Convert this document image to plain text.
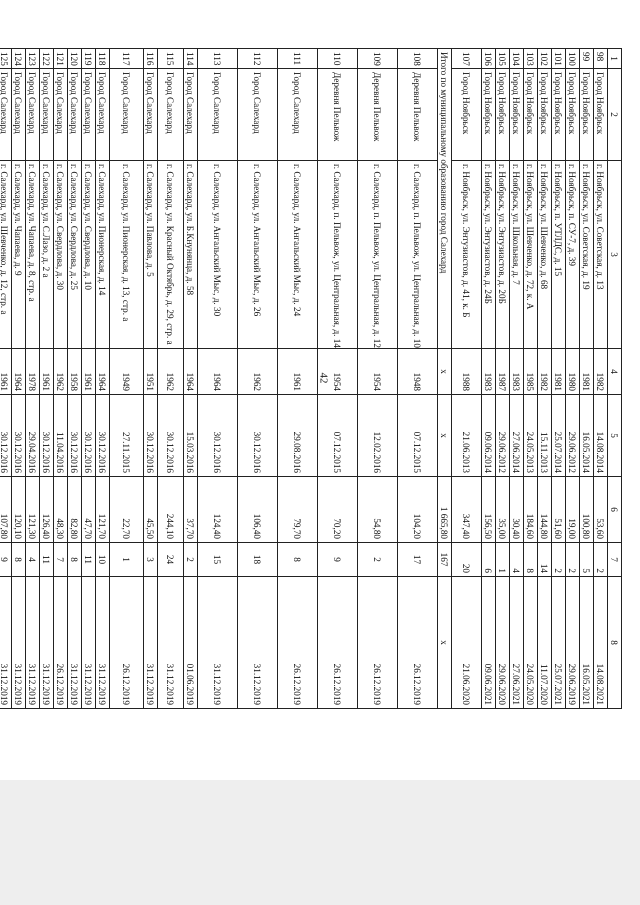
42
1	2	3	4	5	6	7	8
98	Город Ноябрьск	г. Ноябрьск, ул. Советская, д. 13	1982	14.08.2014	53,60	2	14.08.2021
99	Город Ноябрьск	г. Ноябрьск, ул. Советская, д. 19	1981	16.05.2014	100,80	5	16.05.2021
100	Город Ноябрьск	г. Ноябрьск, п. СУ-7, д. 39	1980	29.06.2012	19,00	2	29.06.2019
101	Город Ноябрьск	г. Ноябрьск, п. УТЛДС, д. 15	1981	25.07.2014	51,60	2	25.07.2021
102	Город Ноябрьск	г. Ноябрьск, ул. Шевченко, д. 68	1982	15.11.2013	144,80	14	11.07.2020
103	Город Ноябрьск	г. Ноябрьск, ул. Шевченко, д. 72, к. А	1985	24.05.2013	184,60	8	24.05.2020
104	Город Ноябрьск	г. Ноябрьск, ул. Школьная, д. 7	1983	27.06.2014	30,40	4	27.06.2021
105	Город Ноябрьск	г. Ноябрьск, ул. Энтузиастов, д. 20Б	1987	29.06.2012	35,00	1	29.06.2020
106	Город Ноябрьск	г. Ноябрьск, ул. Энтузиастов, д. 24Б	1983	09.06.2014	156,50	6	09.06.2021
107	Город Ноябрьск	г. Ноябрьск, ул. Энтузиастов, д. 41, к. Б	1988	21.06.2013	347,40	20	21.06.2020
Итого по муниципальному образованию город Салехард			x	x	1 665,80	167	x
108	Деревня Пельвож	г. Салехард, п. Пельвож, ул. Центральная, д. 10	1948	07.12.2015	104,20	17	26.12.2019
109	Деревня Пельвож	г. Салехард, п. Пельвож, ул. Центральная, д. 12	1954	12.02.2016	54,80	2	26.12.2019
110	Деревня Пельвож	г. Салехард, п. Пельвож, ул. Центральная, д. 14	1954	07.12.2015	70,20	9	26.12.2019
111	Город Салехард	г. Салехард, ул. Ангальский Мыс, д. 24	1961	29.08.2016	79,70	8	26.12.2019
112	Город Салехард	г. Салехард, ул. Ангальский Мыс, д. 26	1962	30.12.2016	106,40	18	31.12.2019
113	Город Салехард	г. Салехард, ул. Ангальский Мыс, д. 30	1964	30.12.2016	124,40	15	31.12.2019
114	Город Салехард	г. Салехард, ул. Б.Кнунянца, д. 58	1964	15.03.2016	37,70	2	01.06.2019
115	Город Салехард	г. Салехард, ул. Красный Октябрь, д. 29, стр. а	1962	30.12.2016	244,10	24	31.12.2019
116	Город Салехард	г. Салехард, ул. Павлова, д. 5	1951	30.12.2016	45,50	3	31.12.2019
117	Город Салехард	г. Салехард, ул. Пионерская, д. 13, стр. а	1949	27.11.2015	22,70	1	26.12.2019
118	Город Салехард	г. Салехард, ул. Пионерская, д. 14	1964	30.12.2016	121,70	10	31.12.2019
119	Город Салехард	г. Салехард, ул. Свердлова, д. 10	1961	30.12.2016	47,70	11	31.12.2019
120	Город Салехард	г. Салехард, ул. Свердлова, д. 25	1958	30.12.2016	82,80	8	31.12.2019
121	Город Салехард	г. Салехард, ул. Свердлова, д. 30	1962	11.04.2016	48,30	7	26.12.2019
122	Город Салехард	г. Салехард, ул. С.Лазо, д. 2 а	1961	30.12.2016	126,40	11	31.12.2019
123	Город Салехард	г. Салехард, ул. Чапаева, д. 8, стр. а	1978	29.04.2016	121,30	4	31.12.2019
124	Город Салехард	г. Салехард, ул. Чапаева, д. 9	1964	30.12.2016	120,10	8	31.12.2019
125	Город Салехард	г. Салехард, ул. Шевченко, д. 12, стр. а	1961	30.12.2016	107,80	9	31.12.2019
